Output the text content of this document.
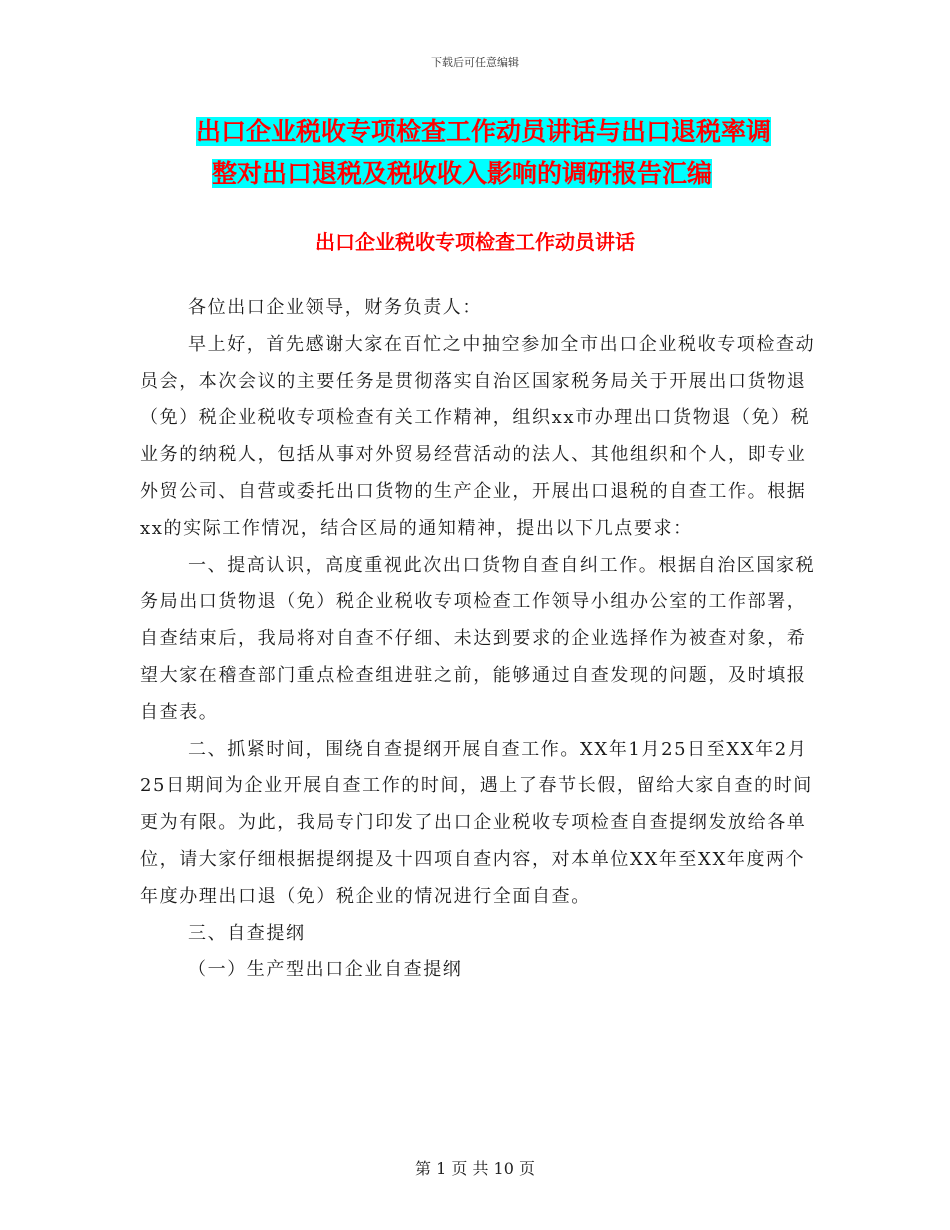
下载后可任意编辑
出口企业税收专项检查工作动员讲话与出口退税率调
整对出口退税及税收收入影响的调研报告汇编
出口企业税收专项检查工作动员讲话

各位出口企业领导，财务负责人：

早上好，首先感谢大家在百忙之中抽空参加全市出口企业税收专项检查动员会，本次会议的主要任务是贯彻落实自治区国家税务局关于开展出口货物退（免）税企业税收专项检查有关工作精神，组织xx市办理出口货物退（免）税业务的纳税人，包括从事对外贸易经营活动的法人、其他组织和个人，即专业外贸公司、自营或委托出口货物的生产企业，开展出口退税的自查工作。根据xx的实际工作情况，结合区局的通知精神，提出以下几点要求：

一、提高认识，高度重视此次出口货物自查自纠工作。根据自治区国家税务局出口货物退（免）税企业税收专项检查工作领导小组办公室的工作部署，自查结束后，我局将对自查不仔细、未达到要求的企业选择作为被查对象，希望大家在稽查部门重点检查组进驻之前，能够通过自查发现的问题，及时填报自查表。

二、抓紧时间，围绕自查提纲开展自查工作。XX年1月25日至XX年2月25日期间为企业开展自查工作的时间，遇上了春节长假，留给大家自查的时间更为有限。为此，我局专门印发了出口企业税收专项检查自查提纲发放给各单位，请大家仔细根据提纲提及十四项自查内容，对本单位XX年至XX年度两个年度办理出口退（免）税企业的情况进行全面自查。

三、自查提纲

（一）生产型出口企业自查提纲

第 1 页 共 10 页
